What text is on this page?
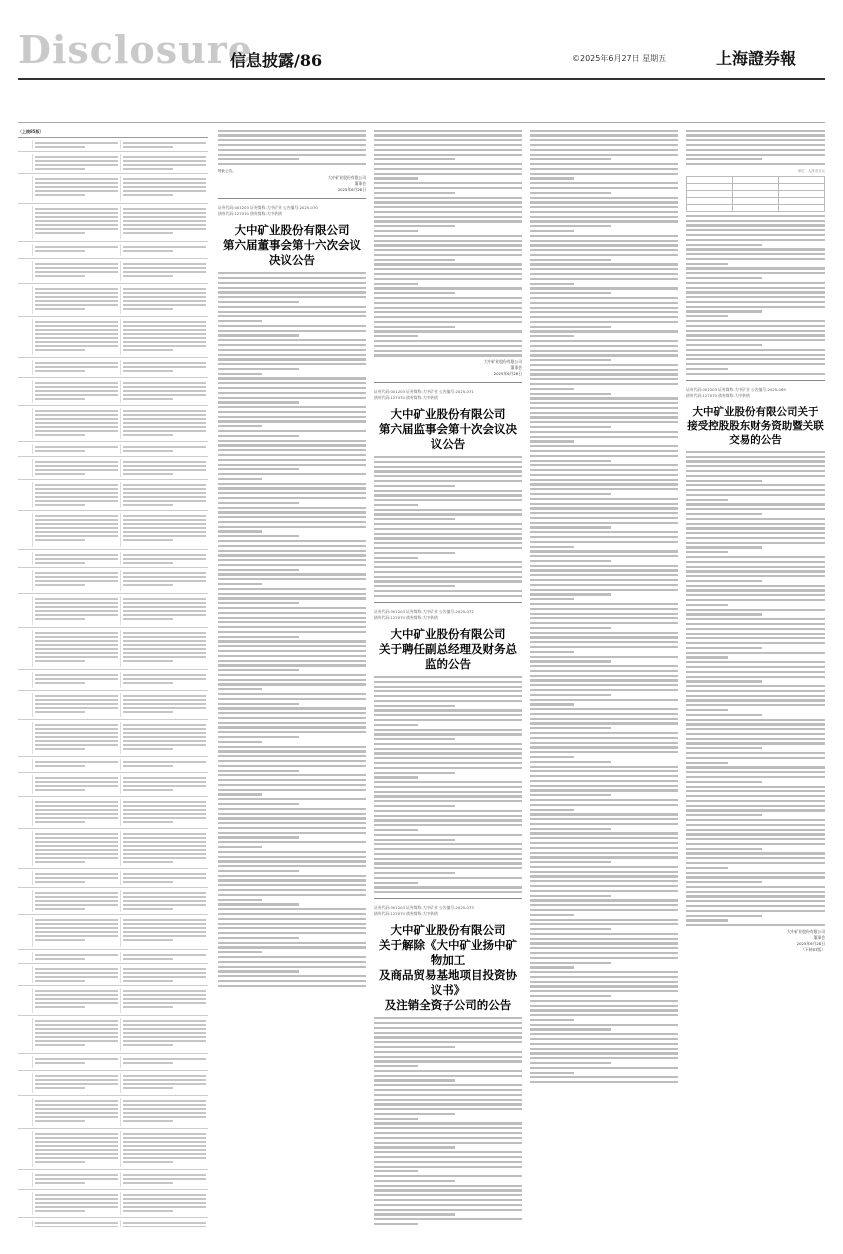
Disclosure
信息披露/86	©2025年6月27日 星期五	上海證券報
（上接85版）
特此公告。
大中矿业股份有限公司
董事会
2025年6月28日
证券代码:001203 证券简称:大中矿业 公告编号:2025-070
债券代码:127070 债券简称:大中转债
大中矿业股份有限公司
第六届董事会第十六次会议决议公告
大中矿业股份有限公司
董事会
2025年6月28日
证券代码:001203 证券简称:大中矿业 公告编号:2025-071
债券代码:127070 债券简称:大中转债
大中矿业股份有限公司
第六届监事会第十次会议决议公告
证券代码:001203 证券简称:大中矿业 公告编号:2025-072
债券代码:127070 债券简称:大中转债
大中矿业股份有限公司
关于聘任副总经理及财务总监的公告
证券代码:001203 证券简称:大中矿业 公告编号:2025-073
债券代码:127070 债券简称:大中转债
大中矿业股份有限公司
关于解除《大中矿业扬中矿物加工
及商品贸易基地项目投资协议书》
及注销全资子公司的公告
单位：人民币万元

证券代码:001203 证券简称:大中矿业 公告编号:2025-069
债券代码:127070 债券简称:大中转债
大中矿业股份有限公司关于
接受控股股东财务资助暨关联交易的公告
大中矿业股份有限公司
董事会
2025年6月28日
（下转87版）
